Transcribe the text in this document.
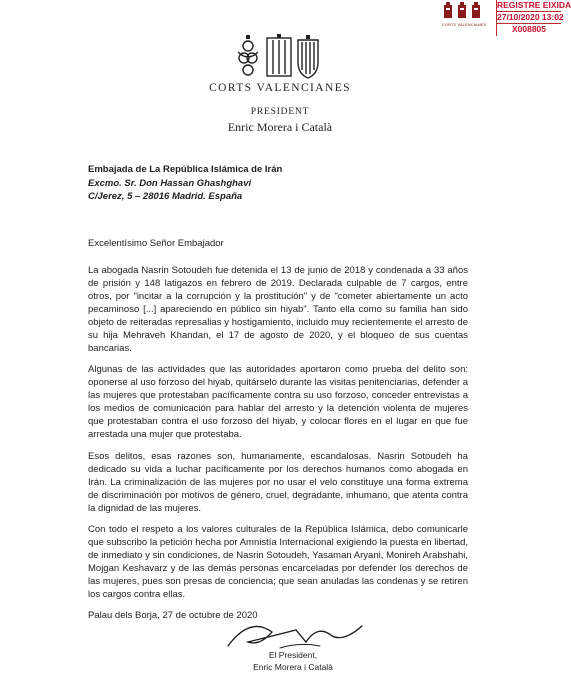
CORTS VALENCIANES
REGISTRE EIXIDA
27/10/2020 13:02
X008805
CORTS VALENCIANES
PRESIDENT
Enric Morera i Català
Embajada de La República Islámica de Irán
Excmo. Sr. Don Hassan Ghashghavi
C/Jerez, 5 – 28016 Madrid. España
Excelentísimo Señor Embajador

La abogada Nasrin Sotoudeh fue detenida el 13 de junio de 2018 y condenada a 33 años de prisión y 148 latigazos en febrero de 2019. Declarada culpable de 7 cargos, entre otros, por "incitar a la corrupción y la prostitución" y de "cometer abiertamente un acto pecaminoso [...] apareciendo en público sin hiyab". Tanto ella como su familia han sido objeto de reiteradas represalias y hostigamiento, incluido muy recientemente el arresto de su hija Mehraveh Khandan, el 17 de agosto de 2020, y el bloqueo de sus cuentas bancarias.

Algunas de las actividades que las autoridades aportaron como prueba del delito son: oponerse al uso forzoso del hiyab, quitárselo durante las visitas penitenciarias, defender a las mujeres que protestaban pacíficamente contra su uso forzoso, conceder entrevistas a los medios de comunicación para hablar del arresto y la detención violenta de mujeres que protestaban contra el uso forzoso del hiyab, y colocar flores en el lugar en que fue arrestada una mujer que protestaba.

Esos delitos, esas razones son, humanamente, escandalosas. Nasrin Sotoudeh ha dedicado su vida a luchar pacíficamente por los derechos humanos como abogada en Irán. La criminalización de las mujeres por no usar el velo constituye una forma extrema de discriminación por motivos de género, cruel, degradante, inhumano, que atenta contra la dignidad de las mujeres.

Con todo el respeto a los valores culturales de la República Islámica, debo comunicarle que subscribo la petición hecha por Amnistía Internacional exigiendo la puesta en libertad, de inmediato y sin condiciones, de Nasrin Sotoudeh, Yasaman Aryani, Monireh Arabshahi, Mojgan Keshavarz y de las demás personas encarceladas por defender los derechos de las mujeres, pues son presas de conciencia; que sean anuladas las condenas y se retiren los cargos contra ellas.

Palau dels Borja, 27 de octubre de 2020
El President,
Enric Morera i Català
